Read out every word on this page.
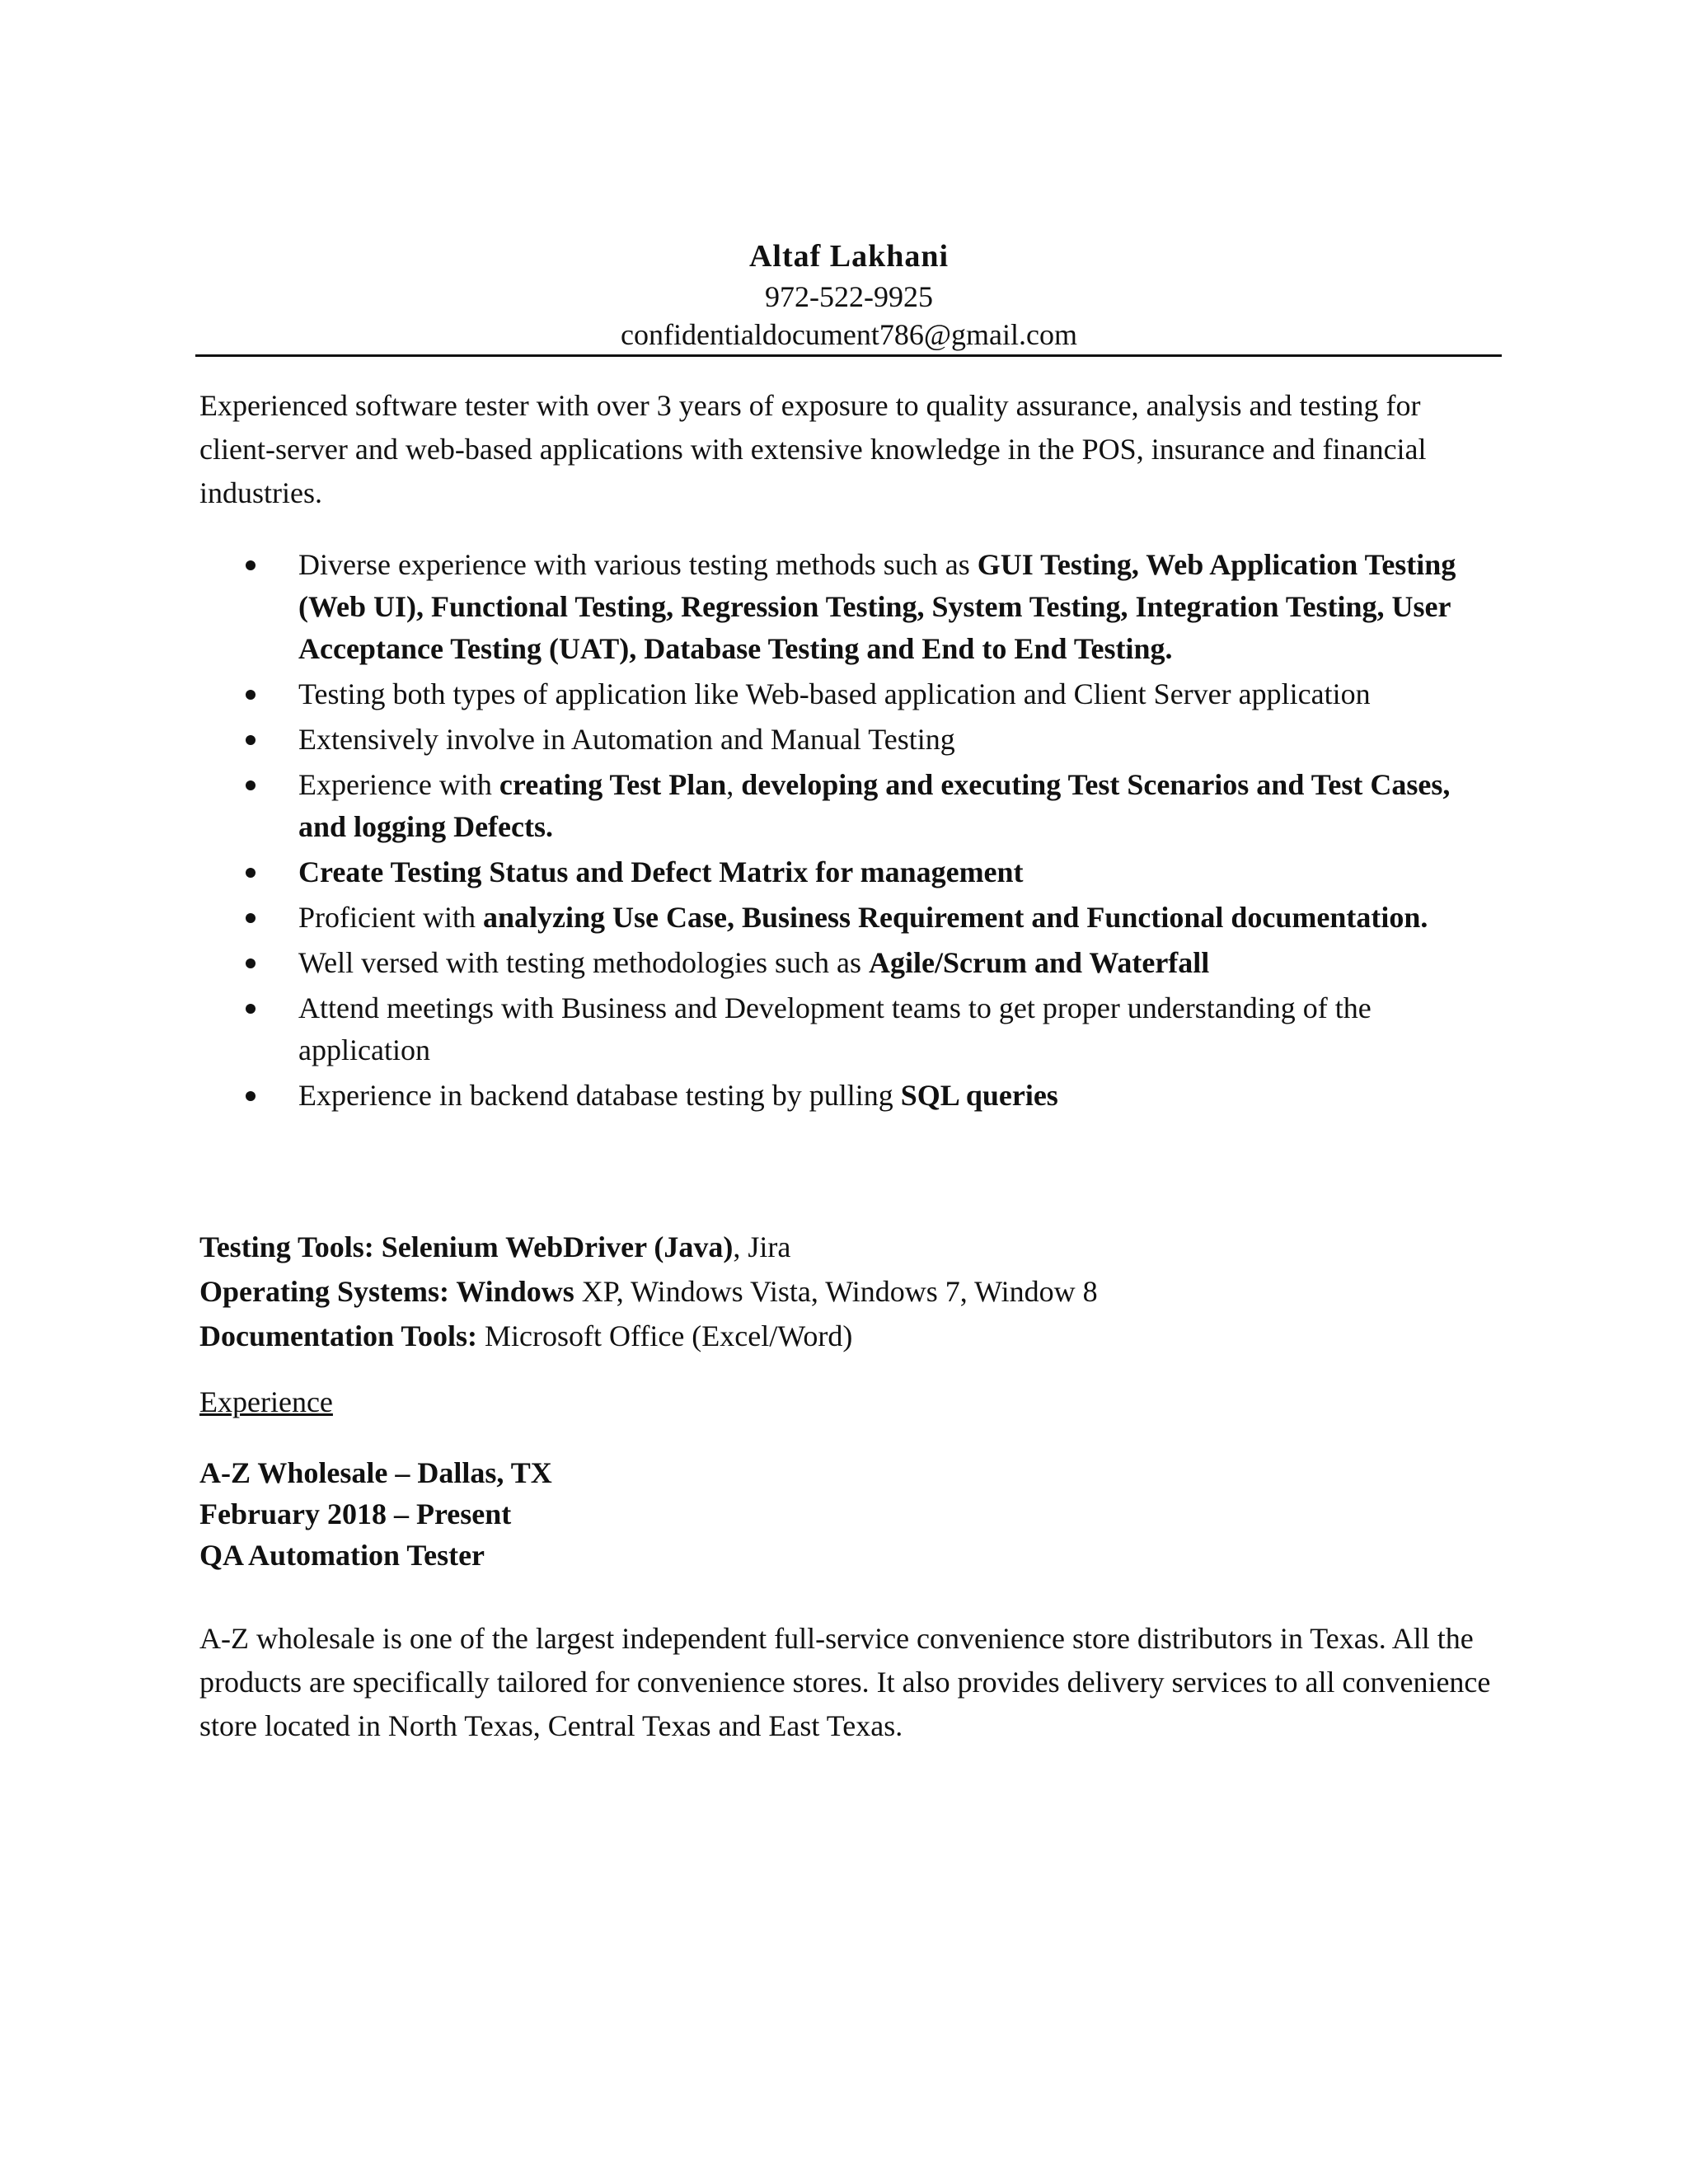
Altaf Lakhani
972-522-9925
confidentialdocument786@gmail.com
Experienced software tester with over 3 years of exposure to quality assurance, analysis and testing for client-server and web-based applications with extensive knowledge in the POS, insurance and financial industries.
Diverse experience with various testing methods such as GUI Testing, Web Application Testing (Web UI), Functional Testing, Regression Testing, System Testing, Integration Testing, User Acceptance Testing (UAT), Database Testing and End to End Testing.
Testing both types of application like Web-based application and Client Server application
Extensively involve in Automation and Manual Testing
Experience with creating Test Plan, developing and executing Test Scenarios and Test Cases, and logging Defects.
Create Testing Status and Defect Matrix for management
Proficient with analyzing Use Case, Business Requirement and Functional documentation.
Well versed with testing methodologies such as Agile/Scrum and Waterfall
Attend meetings with Business and Development teams to get proper understanding of the application
Experience in backend database testing by pulling SQL queries
Testing Tools: Selenium WebDriver (Java), Jira
Operating Systems: Windows XP, Windows Vista, Windows 7, Window 8
Documentation Tools: Microsoft Office (Excel/Word)
Experience
A-Z Wholesale – Dallas, TX
February 2018 – Present
QA Automation Tester
A-Z wholesale is one of the largest independent full-service convenience store distributors in Texas. All the products are specifically tailored for convenience stores. It also provides delivery services to all convenience store located in North Texas, Central Texas and East Texas.
